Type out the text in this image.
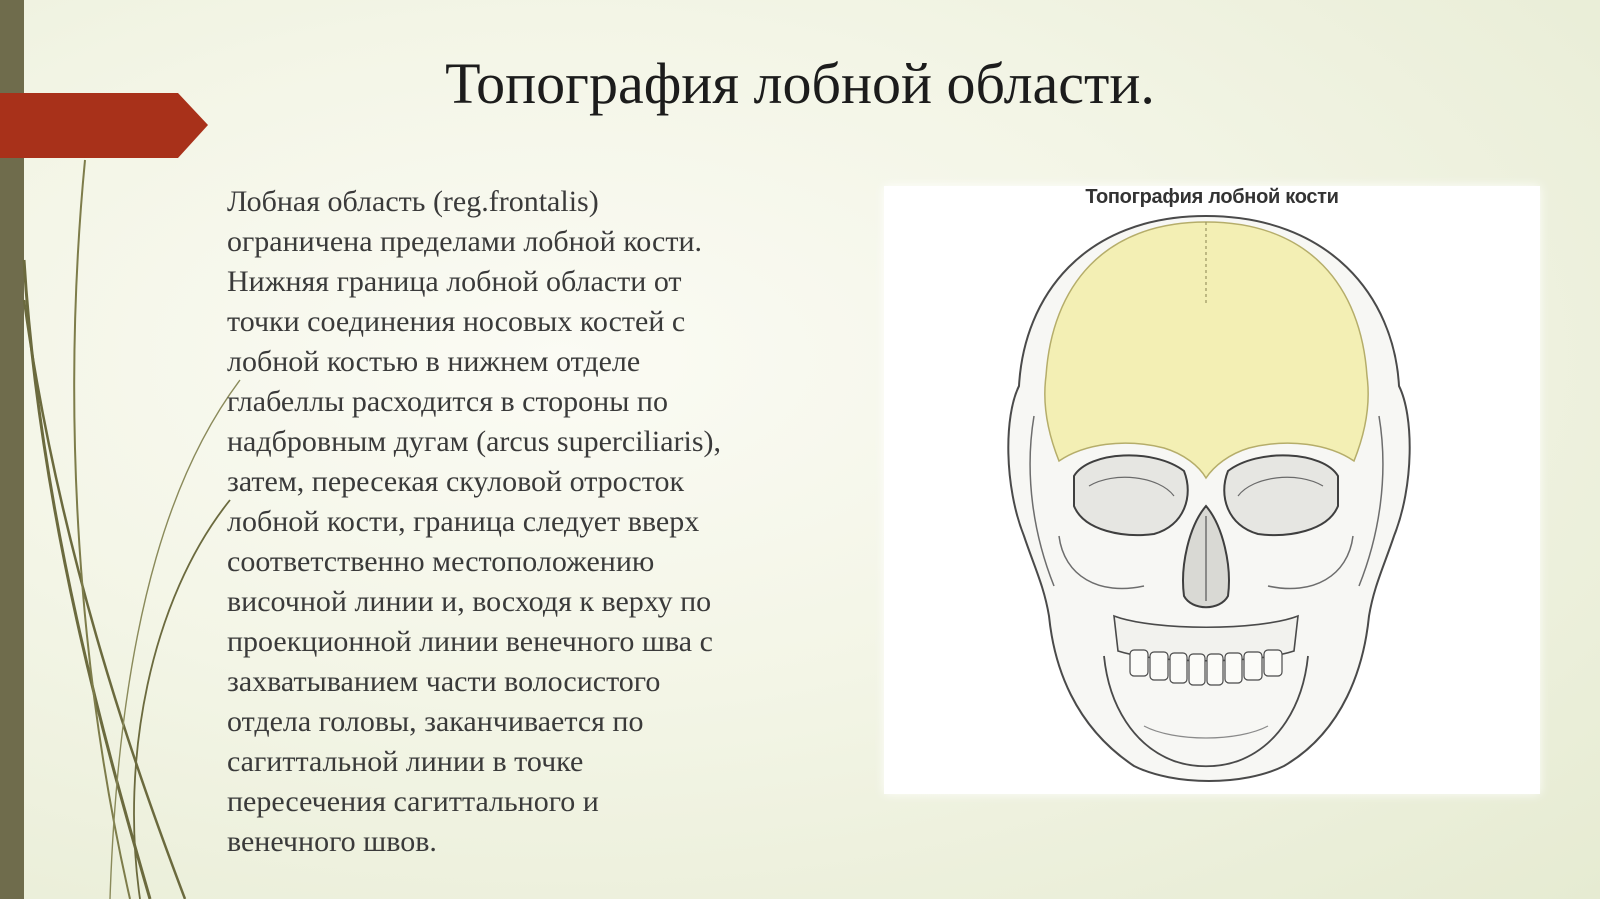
Топография лобной области.

Лобная область (reg.frontalis)
ограничена пределами лобной кости.
Нижняя граница лобной области от
точки соединения носовых костей с
лобной костью в нижнем отделе
глабеллы расходится в стороны по
надбровным дугам (arcus superciliaris),
затем, пересекая скуловой отросток
лобной кости, граница следует вверх
соответственно местоположению
височной линии и, восходя к верху по
проекционной линии венечного шва с
захватыванием части волосистого
отдела головы, заканчивается по
сагиттальной линии в точке
пересечения сагиттального и
венечного швов.

Топография лобной кости
